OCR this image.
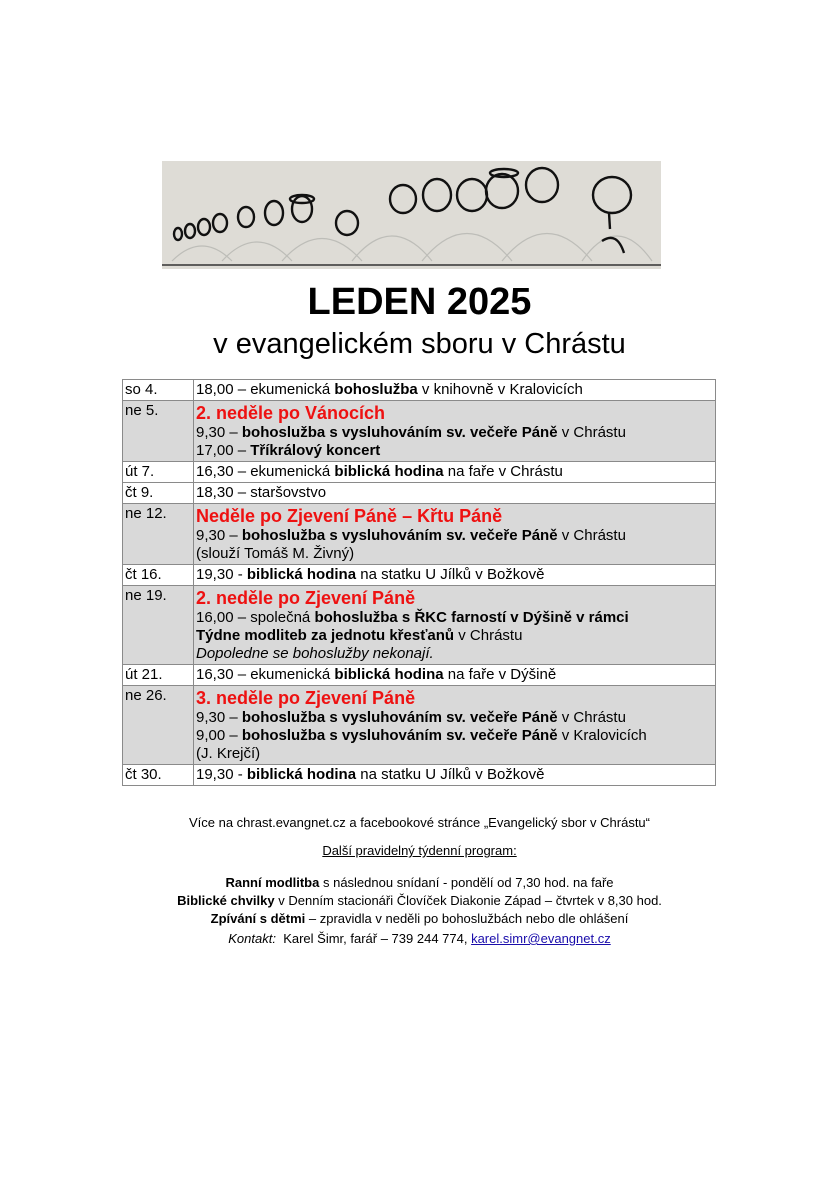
LEDEN 2025
v evangelickém sboru v Chrástu
so 4.	18,00 – ekumenická bohoslužba v knihovně v Kralovicích

ne 5.	2. neděle po Vánocích
9,30 – bohoslužba s vysluhováním sv. večeře Páně v Chrástu
17,00 – Tříkrálový koncert

út 7.	16,30 – ekumenická biblická hodina na faře v Chrástu

čt 9.	18,30 – staršovstvo

ne 12.	Neděle po Zjevení Páně – Křtu Páně
9,30 – bohoslužba s vysluhováním sv. večeře Páně v Chrástu
(slouží Tomáš M. Živný)

čt 16.	19,30 - biblická hodina na statku U Jílků v Božkově

ne 19.	2. neděle po Zjevení Páně
16,00 – společná bohoslužba s ŘKC farností v Dýšině v rámci
Týdne modliteb za jednotu křesťanů v Chrástu
Dopoledne se bohoslužby nekonají.

út 21.	16,30 – ekumenická biblická hodina na faře v Dýšině

ne 26.	3. neděle po Zjevení Páně
9,30 – bohoslužba s vysluhováním sv. večeře Páně v Chrástu
9,00 – bohoslužba s vysluhováním sv. večeře Páně v Kralovicích
(J. Krejčí)

čt 30.	19,30 - biblická hodina na statku U Jílků v Božkově
Více na chrast.evangnet.cz a facebookové stránce „Evangelický sbor v Chrástu“
Další pravidelný týdenní program:
Ranní modlitba s následnou snídaní - pondělí od 7,30 hod. na faře
Biblické chvilky v Denním stacionáři Človíček Diakonie Západ – čtvrtek v 8,30 hod.
Zpívání s dětmi – zpravidla v neděli po bohoslužbách nebo dle ohlášení
Kontakt:  Karel Šimr, farář – 739 244 774, karel.simr@evangnet.cz
